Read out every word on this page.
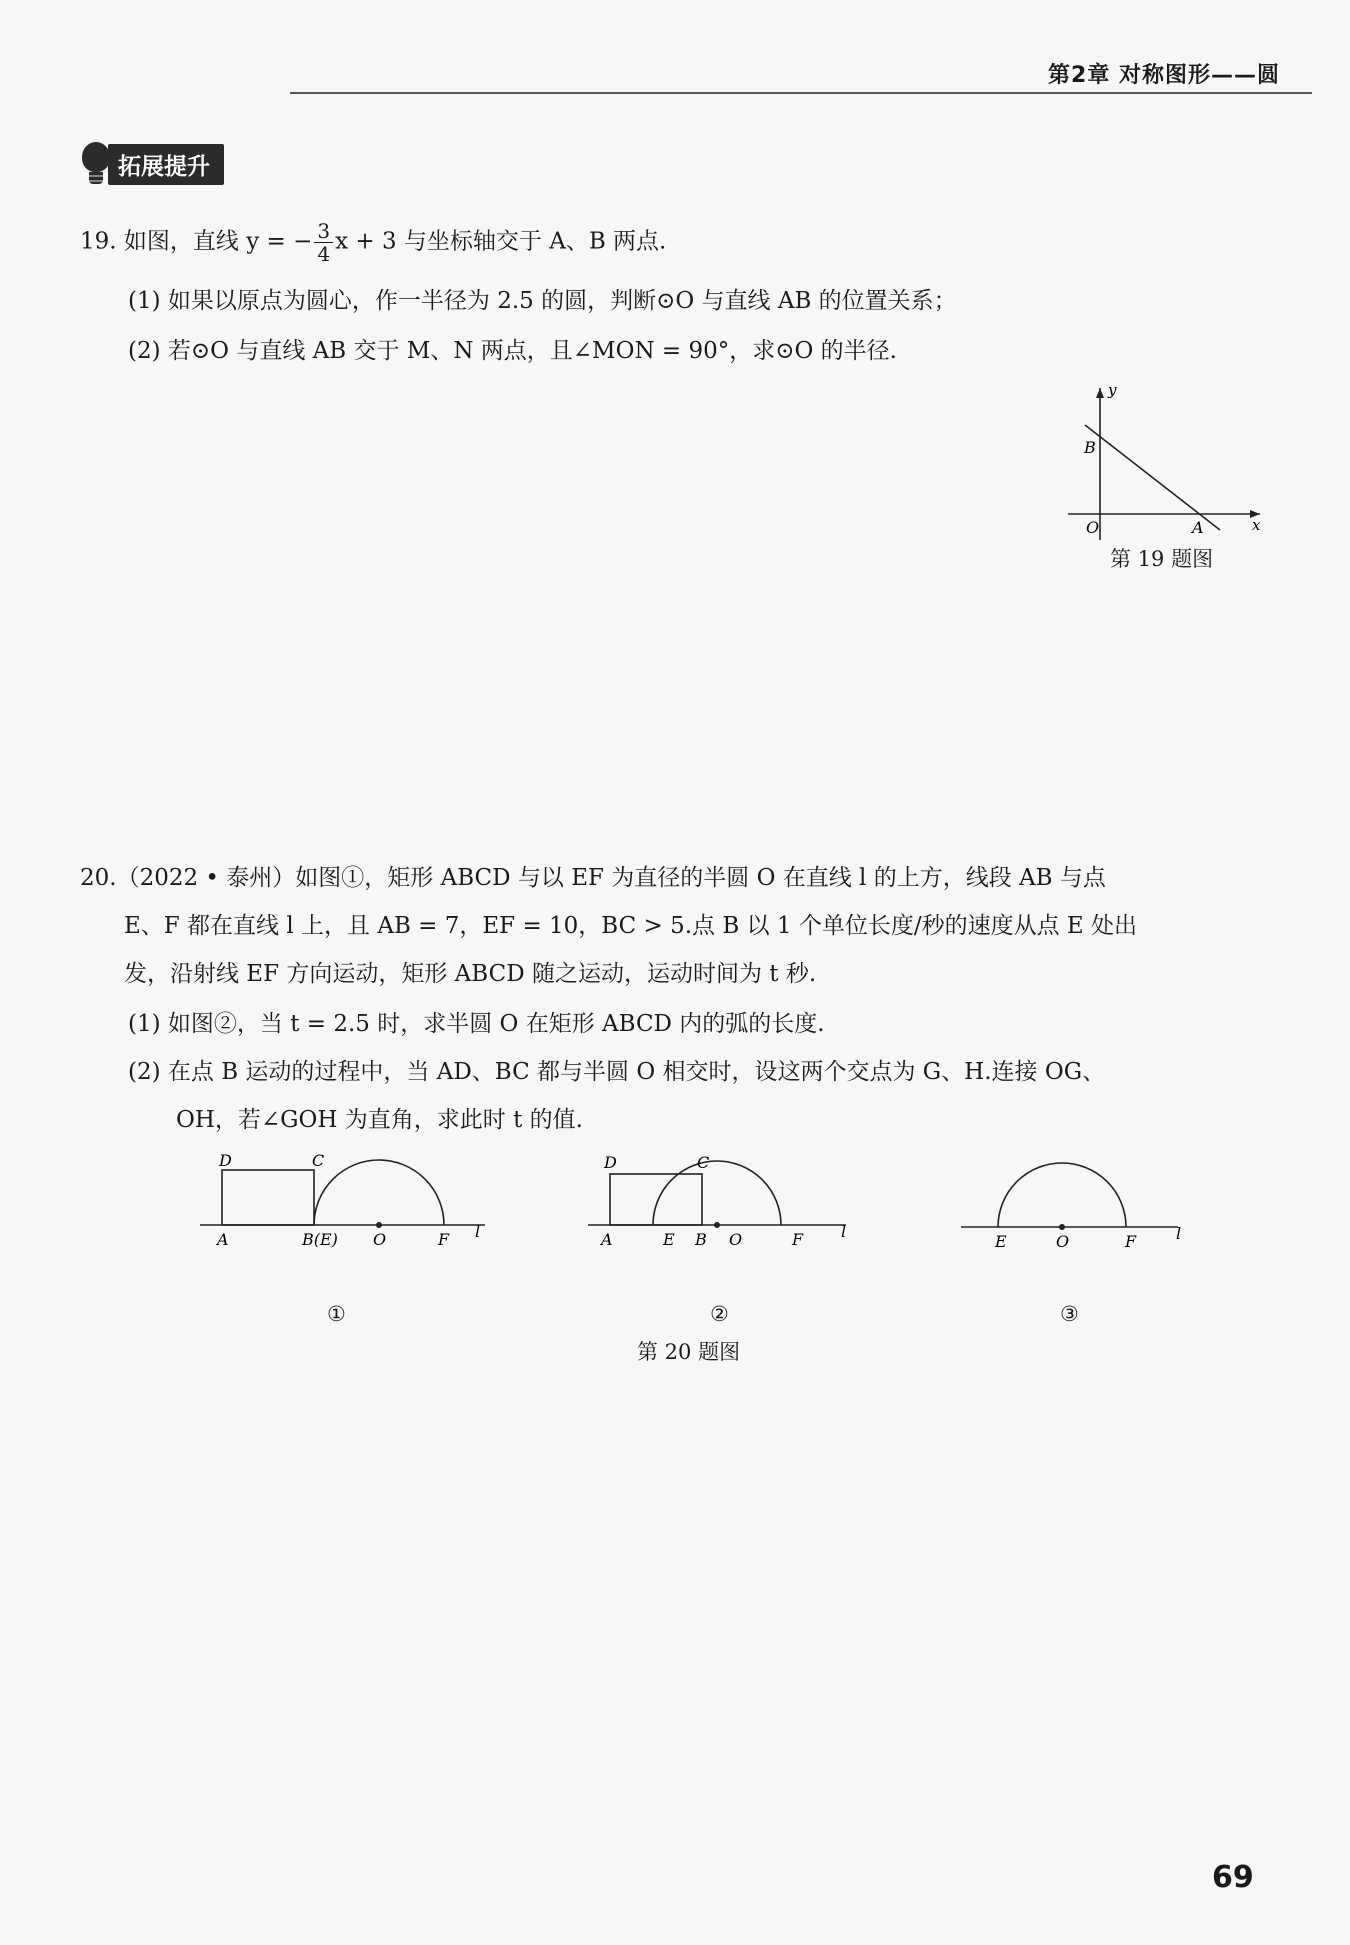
第2章 对称图形——圆
拓展提升
19. 如图，直线 y = − $\frac{3}{4}$ x + 3 与坐标轴交于 A、B 两点.
(1) 如果以原点为圆心，作一半径为 2.5 的圆，判断⊙O 与直线 AB 的位置关系；
(2) 若⊙O 与直线 AB 交于 M、N 两点，且∠MON = 90°，求⊙O 的半径.
y
x
B
O	A
第 19 题图
20.（2022 • 泰州）如图①，矩形 ABCD 与以 EF 为直径的半圆 O 在直线 l 的上方，线段 AB 与点
E、F 都在直线 l 上，且 AB = 7，EF = 10，BC > 5.点 B 以 1 个单位长度/秒的速度从点 E 处出
发，沿射线 EF 方向运动，矩形 ABCD 随之运动，运动时间为 t 秒.
(1) 如图②，当 t = 2.5 时，求半圆 O 在矩形 ABCD 内的弧的长度.
(2) 在点 B 运动的过程中，当 AD、BC 都与半圆 O 相交时，设这两个交点为 G、H.连接 OG、
OH，若∠GOH 为直角，求此时 t 的值.
D	C
A	B(E) O	F l
①
D	C
A	E B O	F l
②
E	O	F l
③
第 20 题图
69
